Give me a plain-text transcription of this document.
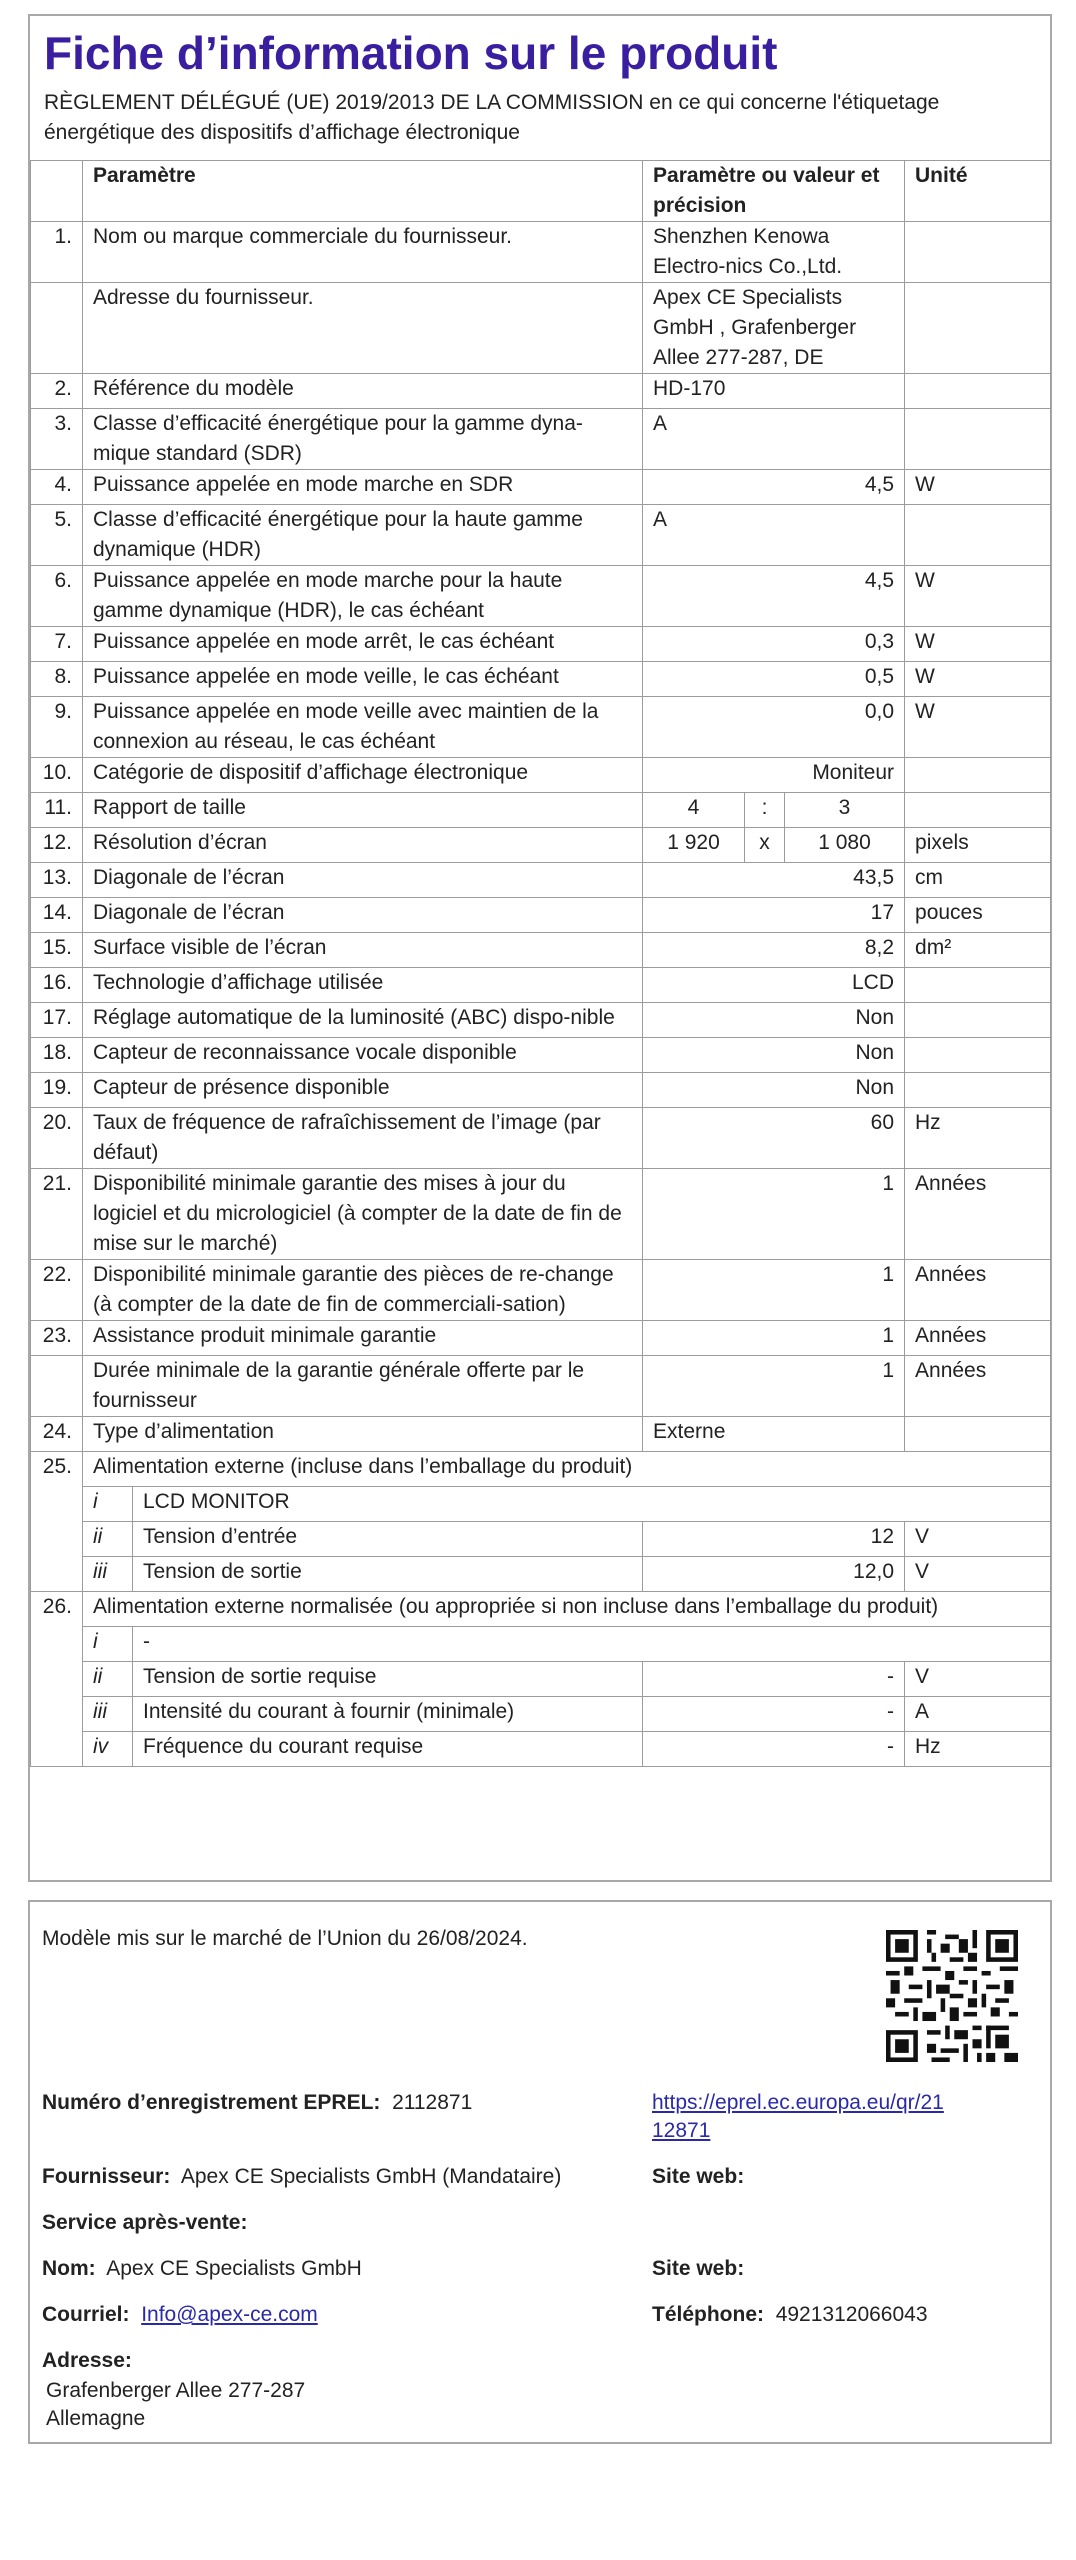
Fiche d’information sur le produit
RÈGLEMENT DÉLÉGUÉ (UE) 2019/2013 DE LA COMMISSION en ce qui concerne l'étiquetage énergétique des dispositifs d’affichage électronique
	Paramètre		Paramètre ou valeur et précision			Unité
1.	Nom ou marque commerciale du fournisseur.		Shenzhen Kenowa Electro-nics Co.,Ltd.			
	Adresse du fournisseur.		Apex CE Specialists GmbH , Grafenberger Allee 277-287, DE			
2.	Référence du modèle		HD-170			
3.	Classe d’efficacité énergétique pour la gamme dyna-mique standard (SDR)		A			
4.	Puissance appelée en mode marche en SDR		4,5			W
5.	Classe d’efficacité énergétique pour la haute gamme dynamique (HDR)		A			
6.	Puissance appelée en mode marche pour la haute gamme dynamique (HDR), le cas échéant		4,5			W
7.	Puissance appelée en mode arrêt, le cas échéant		0,3			W
8.	Puissance appelée en mode veille, le cas échéant		0,5			W
9.	Puissance appelée en mode veille avec maintien de la connexion au réseau, le cas échéant		0,0			W
10.	Catégorie de dispositif d’affichage électronique		Moniteur			
11.	Rapport de taille		4	:	3	
12.	Résolution d’écran		1 920	x	1 080	pixels
13.	Diagonale de l’écran		43,5			cm
14.	Diagonale de l’écran		17			pouces
15.	Surface visible de l’écran		8,2			dm²
16.	Technologie d’affichage utilisée		LCD			
17.	Réglage automatique de la luminosité (ABC) dispo-nible		Non			
18.	Capteur de reconnaissance vocale disponible		Non			
19.	Capteur de présence disponible		Non			
20.	Taux de fréquence de rafraîchissement de l’image (par défaut)		60			Hz
21.	Disponibilité minimale garantie des mises à jour du logiciel et du micrologiciel (à compter de la date de fin de mise sur le marché)		1			Années
22.	Disponibilité minimale garantie des pièces de re-change (à compter de la date de fin de commerciali-sation)		1			Années
23.	Assistance produit minimale garantie		1			Années
	Durée minimale de la garantie générale offerte par le fournisseur		1			Années
24.	Type d’alimentation		Externe			
25.	Alimentation externe (incluse dans l’emballage du produit)					
	i	LCD MONITOR				
	ii	Tension d’entrée	12			V
	iii	Tension de sortie	12,0			V
26.	Alimentation externe normalisée (ou appropriée si non incluse dans l’emballage du produit)					
	i	-				
	ii	Tension de sortie requise	-			V
	iii	Intensité du courant à fournir (minimale)	-			A
	iv	Fréquence du courant requise	-			Hz
Modèle mis sur le marché de l’Union du 26/08/2024.
Numéro d’enregistrement EPREL: 2112871	https://eprel.ec.europa.eu/qr/21
12871
Fournisseur: Apex CE Specialists GmbH (Mandataire)	Site web:
Service après-vente:
Nom: Apex CE Specialists GmbH	Site web:
Courriel: Info@apex-ce.com	Téléphone: 4921312066043
Adresse:
Grafenberger Allee 277-287
Allemagne
